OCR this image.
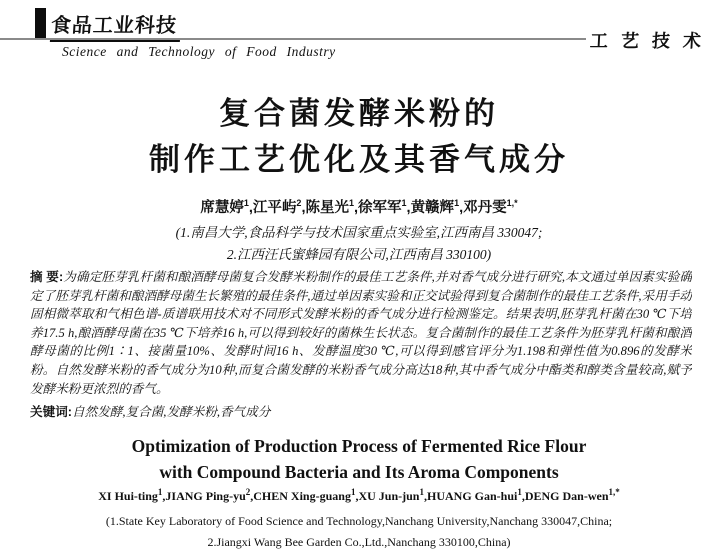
食品工业科技
Science and Technology of Food Industry
工艺技术
复合菌发酵米粉的
制作工艺优化及其香气成分
席慧婷$^1$,江平屿$^2$,陈星光$^1$,徐军军$^1$,黄赣辉$^1$,邓丹雯$^{1,*}$
(1.南昌大学,食品科学与技术国家重点实验室,江西南昌 330047;
2.江西汪氏蜜蜂园有限公司,江西南昌 330100)
摘 要:为确定胚芽乳杆菌和酿酒酵母菌复合发酵米粉制作的最佳工艺条件,并对香气成分进行研究,本文通过单因素实验确定了胚芽乳杆菌和酿酒酵母菌生长繁殖的最佳条件,通过单因素实验和正交试验得到复合菌制作的最佳工艺条件,采用手动固相微萃取和气相色谱-质谱联用技术对不同形式发酵米粉的香气成分进行检测鉴定。结果表明,胚芽乳杆菌在30 ℃下培养17.5 h,酿酒酵母菌在35 ℃下培养16 h,可以得到较好的菌株生长状态。复合菌制作的最佳工艺条件为胚芽乳杆菌和酿酒酵母菌的比例1∶1、接菌量10%、发酵时间16 h、发酵温度30 ℃,可以得到感官评分为1.198和弹性值为0.896的发酵米粉。自然发酵米粉的香气成分为10种,而复合菌发酵的米粉香气成分高达18种,其中香气成分中酯类和醇类含量较高,赋予发酵米粉更浓烈的香气。
关键词:自然发酵,复合菌,发酵米粉,香气成分
Optimization of Production Process of Fermented Rice Flour
with Compound Bacteria and Its Aroma Components
XI Hui-ting$^1$,JIANG Ping-$yu^2,CHEN$ Xing-guang$^1$,XU Jun-jun$^1$,HUANG Gan-hui$^1$,DENG Dan-wen$^{1,*}$
(1.State Key Laboratory of Food Science and Technology,Nanchang University,Nanchang 330047,China;
2.Jiangxi Wang Bee Garden Co.,Ltd.,Nanchang 330100,China)
